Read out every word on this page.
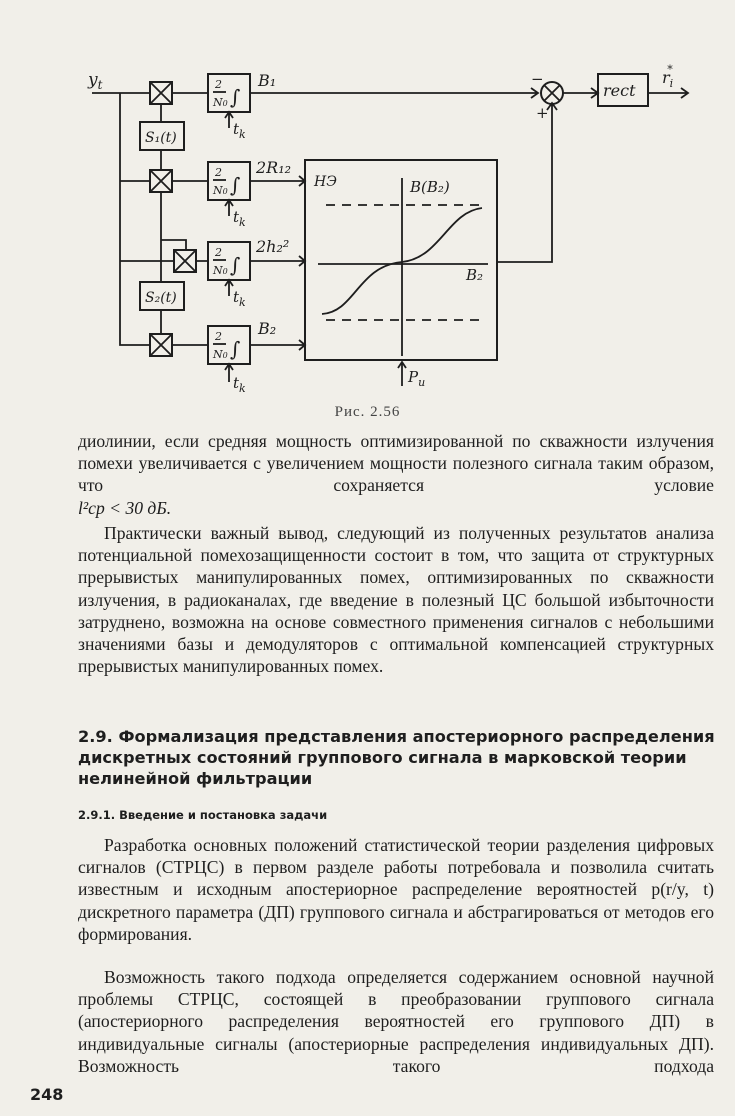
$y_t$
S₁(t)
S₂(t)
2
N0 ∫
2
N0 ∫
2
N0 ∫
2
N0 ∫
$t_k$
$t_k$
$t_k$
$t_k$
B₁
2R₁₂
2h₂²
B₂
НЭ	B(B₂)
B₂
$P_и$
−
+
rect
$r_i*$
Рис. 2.56

диолинии, если средняя мощность оптимизированной по скважности излучения помехи увеличивается с увеличением мощности полезного сигнала таким образом, что сохраняется условие

l²ср < 30 дБ.

Практически важный вывод, следующий из полученных результатов анализа потенциальной помехозащищенности состоит в том, что защита от структурных прерывистых манипулированных помех, оптимизированных по скважности излучения, в радиоканалах, где введение в полезный ЦС большой избыточности затруднено, возможна на основе совместного применения сигналов с небольшими значениями базы и демодуляторов с оптимальной компенсацией структурных прерывистых манипулированных помех.

2.9. Формализация представления апостериорного распределения дискретных состояний группового сигнала в марковской теории нелинейной фильтрации
2.9.1. Введение и постановка задачи

Разработка основных положений статистической теории разделения цифровых сигналов (СТРЦС) в первом разделе работы потребовала и позволила считать известным и исходным апостериорное распределение вероятностей p(r/y, t) дискретного параметра (ДП) группового сигнала и абстрагироваться от методов его формирования.

Возможность такого подхода определяется содержанием основной научной проблемы СТРЦС, состоящей в преобразовании группового сигнала (апостериорного распределения вероятностей его группового ДП) в индивидуальные сигналы (апостериорные распределения индивидуальных ДП). Возможность такого подхода

248
